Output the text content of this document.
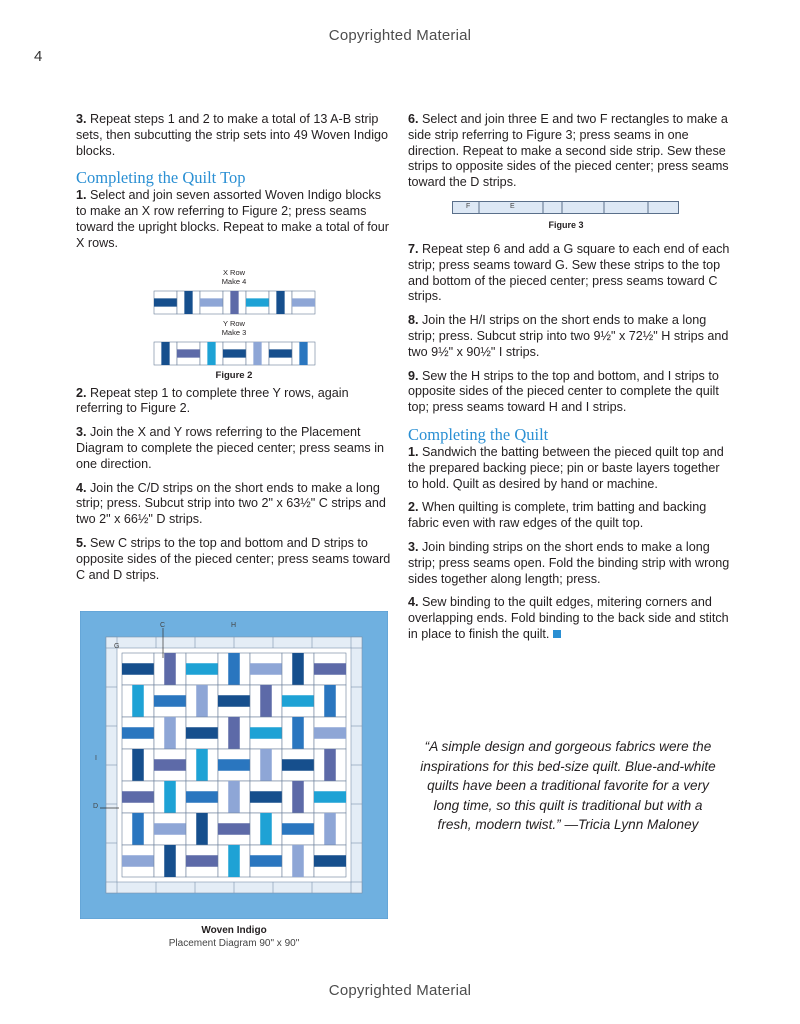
Copyrighted Material
4
Copyrighted Material

3. Repeat steps 1 and 2 to make a total of 13 A-B strip sets, then subcutting the strip sets into 49 Woven Indigo blocks.

Completing the Quilt Top

1. Select and join seven assorted Woven Indigo blocks to make an X row referring to Figure 2; press seams toward the upright blocks. Repeat to make a total of four X rows.

2. Repeat step 1 to complete three Y rows, again referring to Figure 2.

3. Join the X and Y rows referring to the Placement Diagram to complete the pieced center; press seams in one direction.

4. Join the C/D strips on the short ends to make a long strip; press. Subcut strip into two 2" x 63½" C strips and two 2" x 66½" D strips.

5. Sew C strips to the top and bottom and D strips to opposite sides of the pieced center; press seams toward C and D strips.

X Row
Make 4
Y Row
Make 3
Figure 2

6. Select and join three E and two F rectangles to make a side strip referring to Figure 3; press seams in one direction. Repeat to make a second side strip. Sew these strips to opposite sides of the pieced center; press seams toward the D strips.

7. Repeat step 6 and add a G square to each end of each strip; press seams toward G. Sew these strips to the top and bottom of the pieced center; press seams toward C strips.

8. Join the H/I strips on the short ends to make a long strip; press. Subcut strip into two 9½" x 72½" H strips and two 9½" x 90½" I strips.

9. Sew the H strips to the top and bottom, and I strips to opposite sides of the pieced center to complete the quilt top; press seams toward H and I strips.

Completing the Quilt

1. Sandwich the batting between the pieced quilt top and the prepared backing piece; pin or baste layers together to hold. Quilt as desired by hand or machine.

2. When quilting is complete, trim batting and backing fabric even with raw edges of the quilt top.

3. Join binding strips on the short ends to make a long strip; press seams open. Fold the binding strip with wrong sides together along length; press.

4. Sew binding to the quilt edges, mitering corners and overlapping ends. Fold binding to the back side and stitch in place to finish the quilt.

F	E
Figure 3
“A simple design and gorgeous fabrics were the inspirations for this bed-size quilt. Blue-and-white quilts have been a traditional favorite for a very long time, so this quilt is traditional but with a fresh, modern twist.” —Tricia Lynn Maloney
C	H
G
I
D
Woven Indigo
Placement Diagram 90" x 90"
